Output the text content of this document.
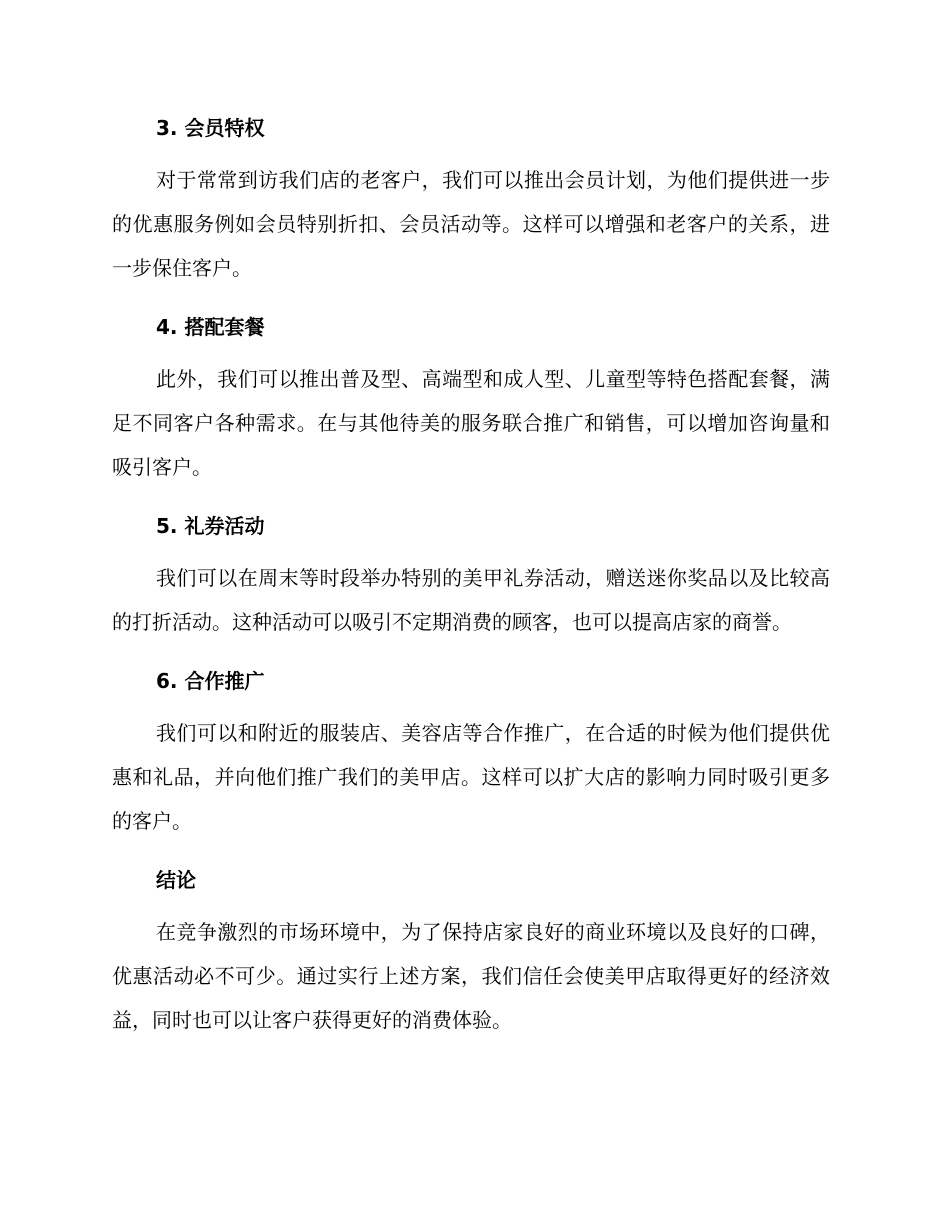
3. 会员特权

对于常常到访我们店的老客户，我们可以推出会员计划，为他们提供进一步的优惠服务例如会员特别折扣、会员活动等。这样可以增强和老客户的关系，进一步保住客户。

4. 搭配套餐

此外，我们可以推出普及型、高端型和成人型、儿童型等特色搭配套餐，满足不同客户各种需求。在与其他待美的服务联合推广和销售，可以增加咨询量和吸引客户。

5. 礼券活动

我们可以在周末等时段举办特别的美甲礼券活动，赠送迷你奖品以及比较高的打折活动。这种活动可以吸引不定期消费的顾客，也可以提高店家的商誉。

6. 合作推广

我们可以和附近的服装店、美容店等合作推广，在合适的时候为他们提供优惠和礼品，并向他们推广我们的美甲店。这样可以扩大店的影响力同时吸引更多的客户。

结论

在竞争激烈的市场环境中，为了保持店家良好的商业环境以及良好的口碑，优惠活动必不可少。通过实行上述方案，我们信任会使美甲店取得更好的经济效益，同时也可以让客户获得更好的消费体验。
